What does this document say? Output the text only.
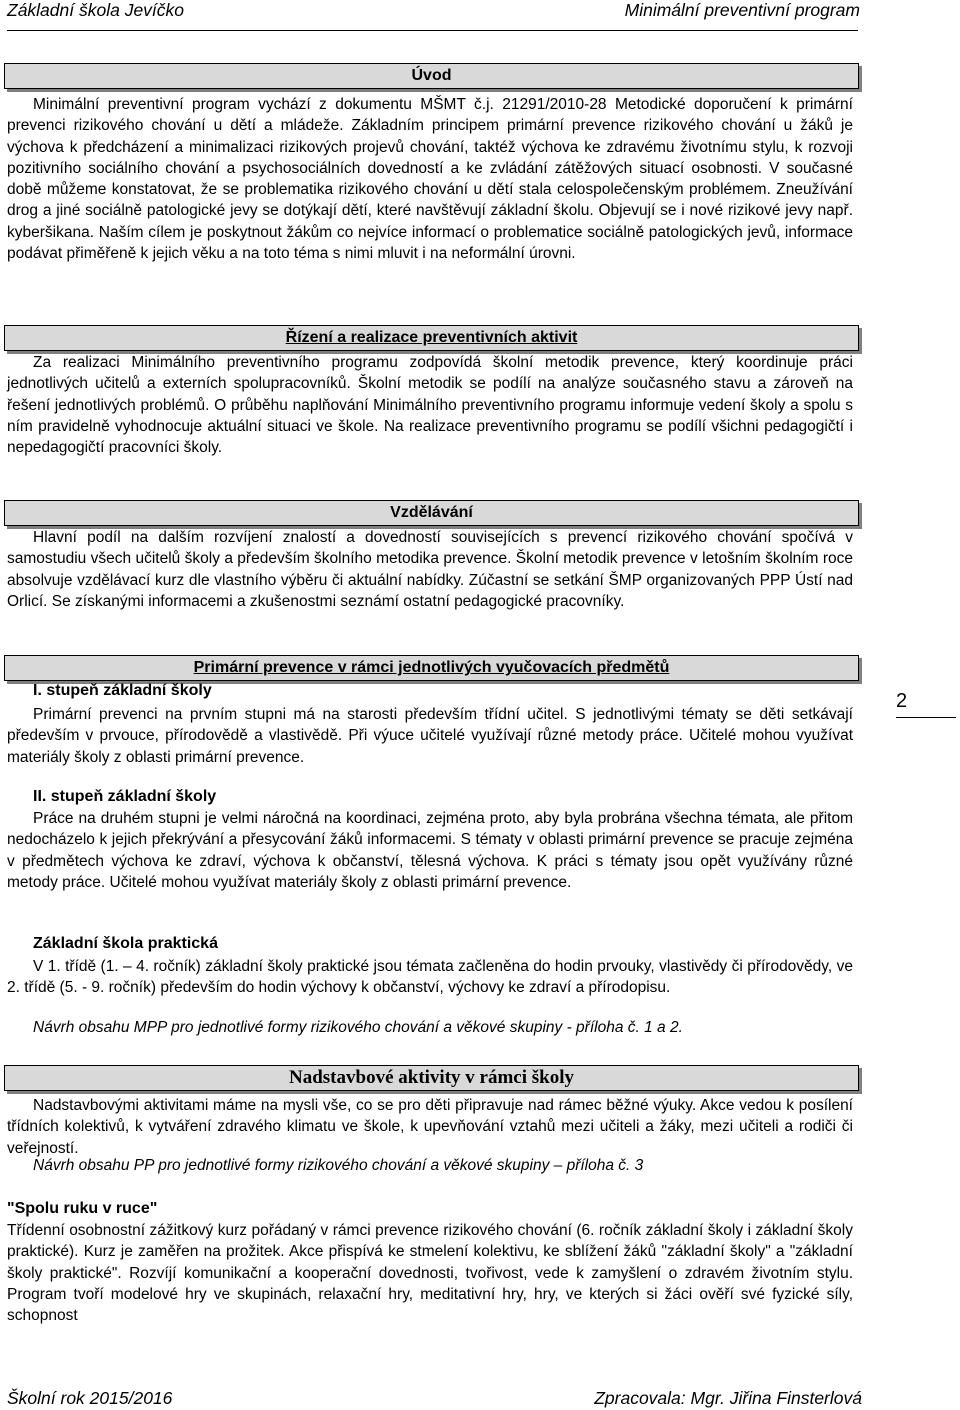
Základní škola Jevíčko	Minimální preventivní program
Úvod

Minimální preventivní program vychází z dokumentu MŠMT č.j. 21291/2010-28 Metodické doporučení k primární prevenci rizikového chování u dětí a mládeže. Základním principem primární prevence rizikového chování u žáků je výchova k předcházení a minimalizaci rizikových projevů chování, taktéž výchova ke zdravému životnímu stylu, k rozvoji pozitivního sociálního chování a psychosociálních dovedností a ke zvládání zátěžových situací osobnosti. V současné době můžeme konstatovat, že se problematika rizikového chování u dětí stala celospolečenským problémem. Zneužívání drog a jiné sociálně patologické jevy se dotýkají dětí, které navštěvují základní školu. Objevují se i nové rizikové jevy např. kyberšikana. Naším cílem je poskytnout žákům co nejvíce informací o problematice sociálně patologických jevů, informace podávat přiměřeně k jejich věku a na toto téma s nimi mluvit i na neformální úrovni.

Řízení a realizace preventivních aktivit

Za realizaci Minimálního preventivního programu zodpovídá školní metodik prevence, který koordinuje práci jednotlivých učitelů a externích spolupracovníků. Školní metodik se podílí na analýze současného stavu a zároveň na řešení jednotlivých problémů. O průběhu naplňování Minimálního preventivního programu informuje vedení školy a spolu s ním pravidelně vyhodnocuje aktuální situaci ve škole. Na realizace preventivního programu se podílí všichni pedagogičtí i nepedagogičtí pracovníci školy.

Vzdělávání

Hlavní podíl na dalším rozvíjení znalostí a dovedností souvisejících s prevencí rizikového chování spočívá v samostudiu všech učitelů školy a především školního metodika prevence. Školní metodik prevence v letošním školním roce absolvuje vzdělávací kurz dle vlastního výběru či aktuální nabídky. Zúčastní se setkání ŠMP organizovaných PPP Ústí nad Orlicí. Se získanými informacemi a zkušenostmi seznámí ostatní pedagogické pracovníky.

Primární prevence v rámci jednotlivých vyučovacích předmětů
I. stupeň základní školy

Primární prevenci na prvním stupni má na starosti především třídní učitel. S jednotlivými tématy se děti setkávají především v prvouce, přírodovědě a vlastivědě. Při výuce učitelé využívají různé metody práce. Učitelé mohou využívat materiály školy z oblasti primární prevence.

II. stupeň základní školy

Práce na druhém stupni je velmi náročná na koordinaci, zejména proto, aby byla probrána všechna témata, ale přitom nedocházelo k jejich překrývání a přesycování žáků informacemi. S tématy v oblasti primární prevence se pracuje zejména v předmětech výchova ke zdraví, výchova k občanství, tělesná výchova. K práci s tématy jsou opět využívány různé metody práce. Učitelé mohou využívat materiály školy z oblasti primární prevence.

Základní škola praktická

V 1. třídě (1. – 4. ročník) základní školy praktické jsou témata začleněna do hodin prvouky, vlastivědy či přírodovědy, ve 2. třídě (5. - 9. ročník) především do hodin výchovy k občanství, výchovy ke zdraví a přírodopisu.

Návrh obsahu MPP pro jednotlivé formy rizikového chování a věkové skupiny - příloha č. 1 a 2.
Nadstavbové aktivity v rámci školy

Nadstavbovými aktivitami máme na mysli vše, co se pro děti připravuje nad rámec běžné výuky. Akce vedou k posílení třídních kolektivů, k vytváření zdravého klimatu ve škole, k upevňování vztahů mezi učiteli a žáky, mezi učiteli a rodiči či veřejností.

Návrh obsahu PP pro jednotlivé formy rizikového chování a věkové skupiny – příloha č. 3
"Spolu ruku v ruce"

Třídenní osobnostní zážitkový kurz pořádaný v rámci prevence rizikového chování (6. ročník základní školy i základní školy praktické). Kurz je zaměřen na prožitek. Akce přispívá ke stmelení kolektivu, ke sblížení žáků "základní školy" a "základní školy praktické". Rozvíjí komunikační a kooperační dovednosti, tvořivost, vede k zamyšlení o zdravém životním stylu. Program tvoří modelové hry ve skupinách, relaxační hry, meditativní hry, hry, ve kterých si žáci ověří své fyzické síly, schopnost

2
Školní rok 2015/2016	Zpracovala: Mgr. Jiřina Finsterlová
